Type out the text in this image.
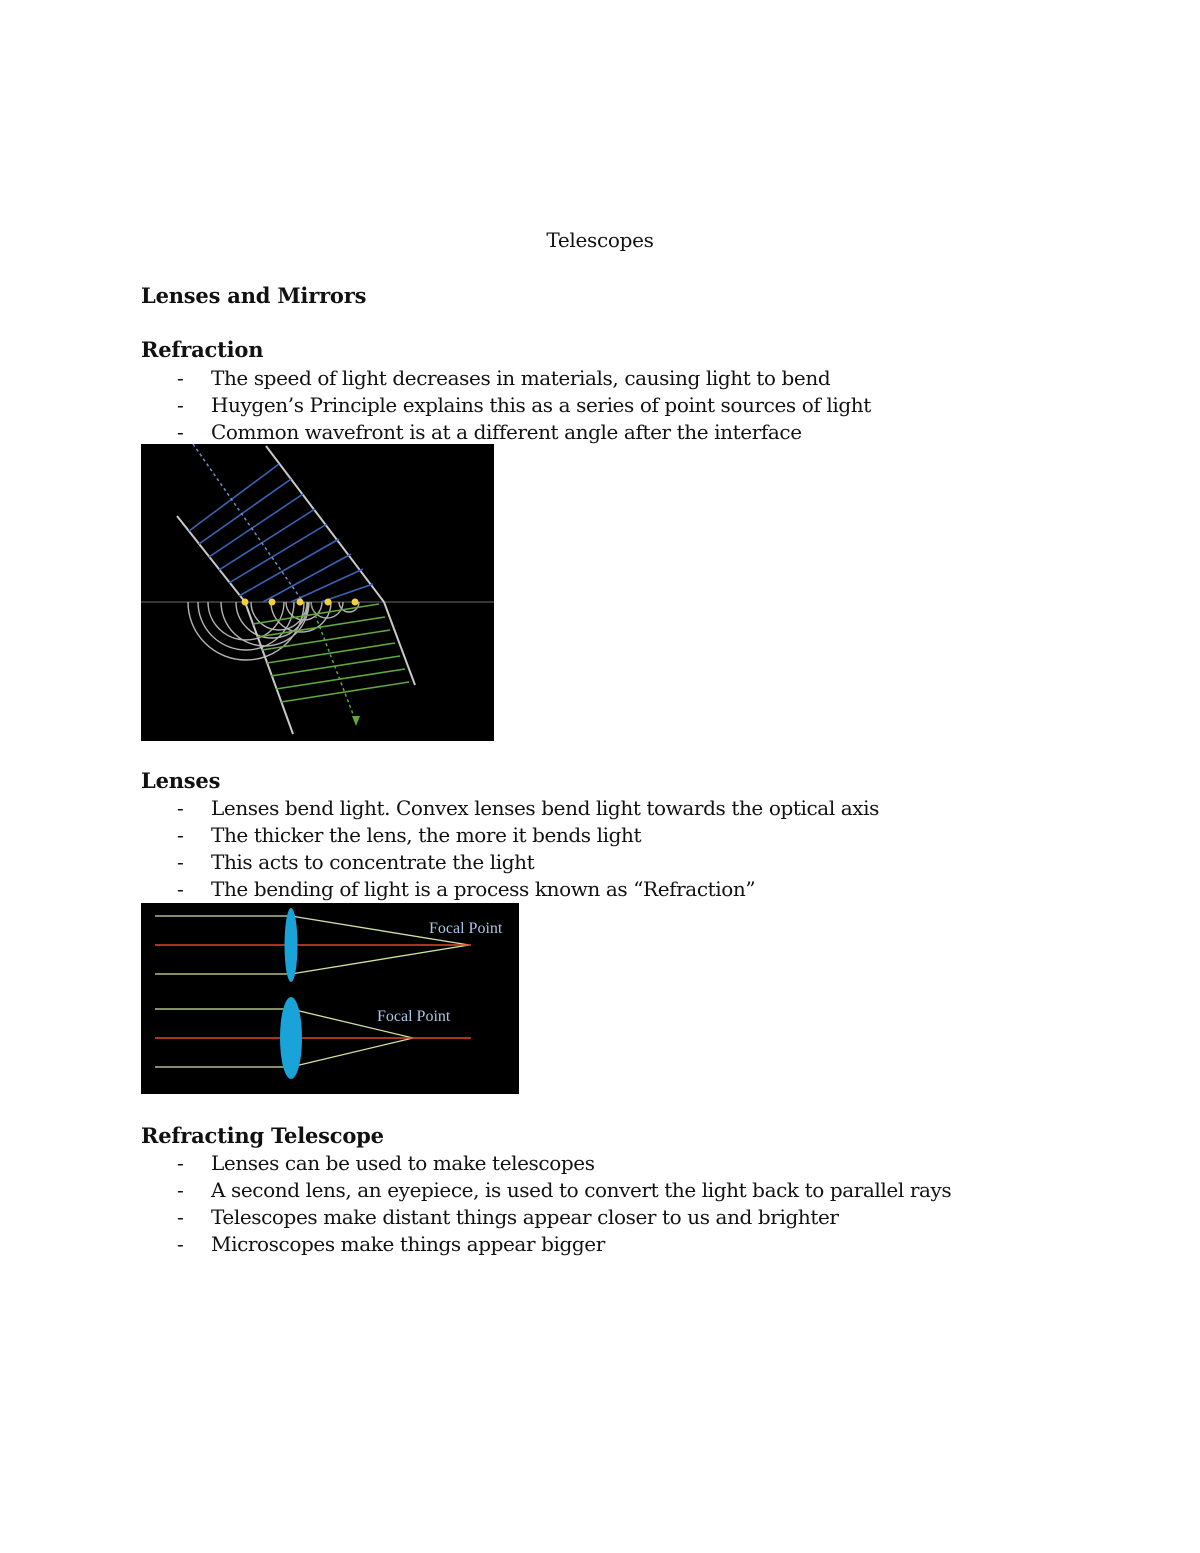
Telescopes
Lenses and Mirrors
Refraction
- The speed of light decreases in materials, causing light to bend
- Huygen’s Principle explains this as a series of point sources of light
- Common wavefront is at a different angle after the interface
Lenses
- Lenses bend light. Convex lenses bend light towards the optical axis
- The thicker the lens, the more it bends light
- This acts to concentrate the light
- The bending of light is a process known as “Refraction”
Focal Point
Focal Point
Refracting Telescope
- Lenses can be used to make telescopes
- A second lens, an eyepiece, is used to convert the light back to parallel rays
- Telescopes make distant things appear closer to us and brighter
- Microscopes make things appear bigger
